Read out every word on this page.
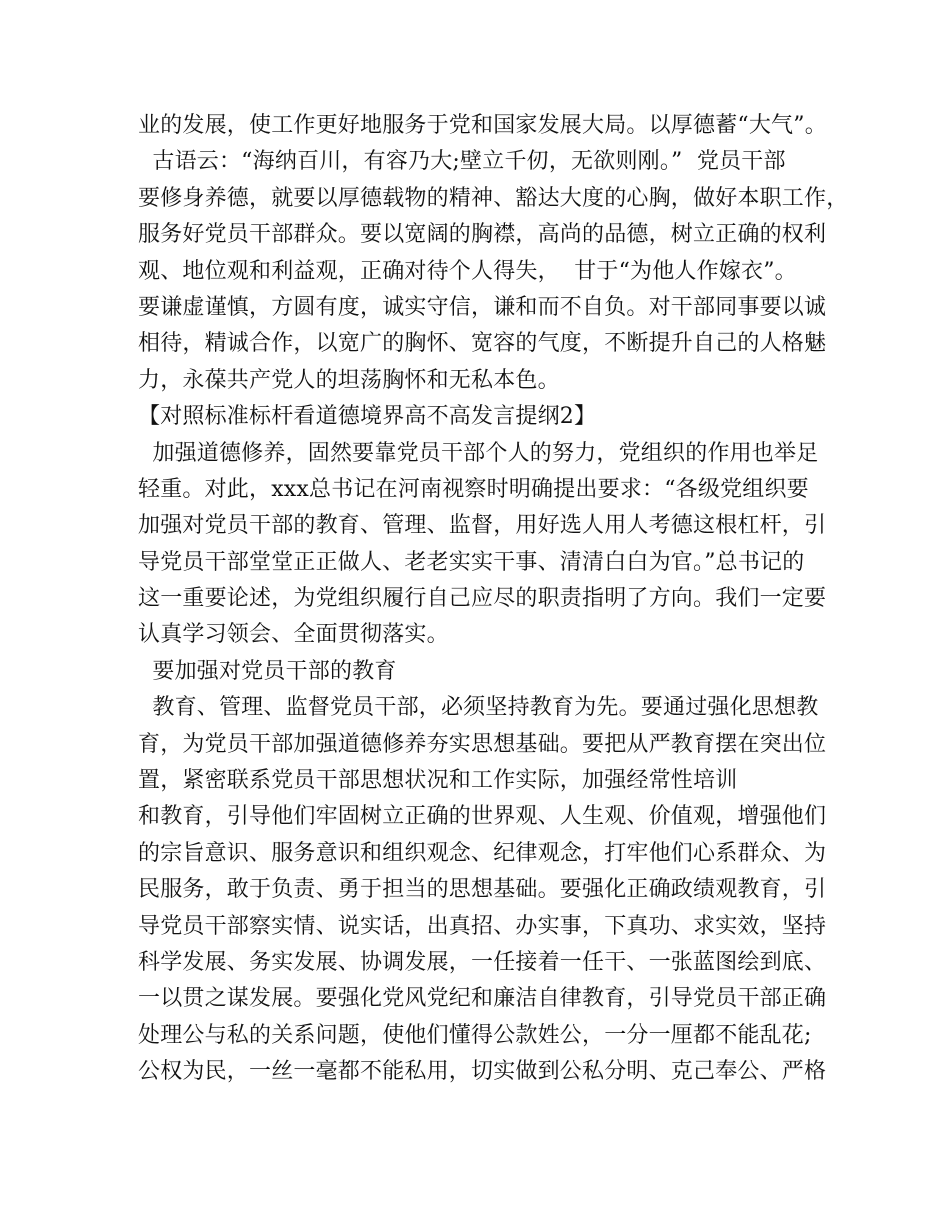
业的发展，使工作更好地服务于党和国家发展大局。以厚德蓄“大气”。
古语云：“海纳百川，有容乃大;壁立千仞，无欲则刚。”  党员干部
要修身养德，就要以厚德载物的精神、豁达大度的心胸，做好本职工作，
服务好党员干部群众。要以宽阔的胸襟，高尚的品德，树立正确的权利
观、地位观和利益观，正确对待个人得失，  甘于“为他人作嫁衣”。
要谦虚谨慎，方圆有度，诚实守信，谦和而不自负。对干部同事要以诚
相待，精诚合作，以宽广的胸怀、宽容的气度，不断提升自己的人格魅
力，永葆共产党人的坦荡胸怀和无私本色。
【对照标准标杆看道德境界高不高发言提纲2】
加强道德修养，固然要靠党员干部个人的努力，党组织的作用也举足
轻重。对此，xxx总书记在河南视察时明确提出要求：“各级党组织要
加强对党员干部的教育、管理、监督，用好选人用人考德这根杠杆，引
导党员干部堂堂正正做人、老老实实干事、清清白白为官。”总书记的
这一重要论述，为党组织履行自己应尽的职责指明了方向。我们一定要
认真学习领会、全面贯彻落实。
要加强对党员干部的教育
教育、管理、监督党员干部，必须坚持教育为先。要通过强化思想教
育，为党员干部加强道德修养夯实思想基础。要把从严教育摆在突出位
置，紧密联系党员干部思想状况和工作实际，加强经常性培训
和教育，引导他们牢固树立正确的世界观、人生观、价值观，增强他们
的宗旨意识、服务意识和组织观念、纪律观念，打牢他们心系群众、为
民服务，敢于负责、勇于担当的思想基础。要强化正确政绩观教育，引
导党员干部察实情、说实话，出真招、办实事，下真功、求实效，坚持
科学发展、务实发展、协调发展，一任接着一任干、一张蓝图绘到底、
一以贯之谋发展。要强化党风党纪和廉洁自律教育，引导党员干部正确
处理公与私的关系问题，使他们懂得公款姓公，一分一厘都不能乱花;
公权为民，一丝一毫都不能私用，切实做到公私分明、克己奉公、严格
